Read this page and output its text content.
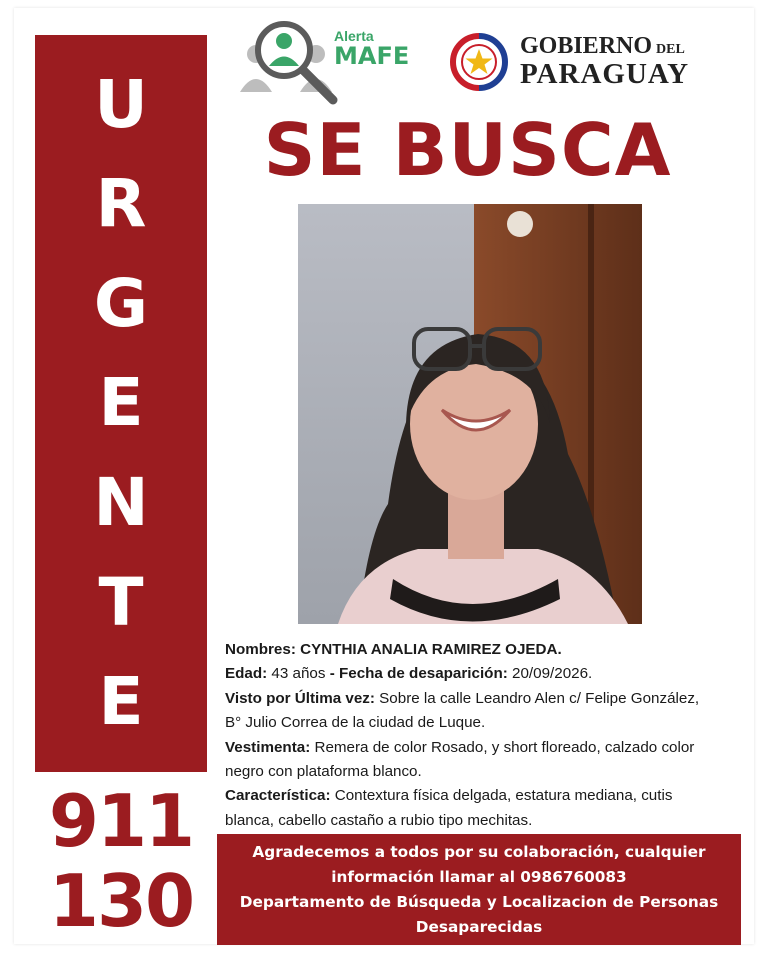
U
R
G
E
N
T
E
911
130
Alerta
MAFE	GOBIERNO DEL
PARAGUAY
SE BUSCA

Nombres: CYNTHIA ANALIA RAMIREZ OJEDA.

Edad: 43 años - Fecha de desaparición: 20/09/2026.

Visto por Última vez: Sobre la calle Leandro Alen c/ Felipe González,

B° Julio Correa de la ciudad de Luque.

Vestimenta: Remera de color Rosado, y short floreado, calzado color

negro con plataforma blanco.

Característica: Contextura física delgada, estatura mediana, cutis

blanca, cabello castaño a rubio tipo mechitas.

Agradecemos a todos por su colaboración, cualquier
información llamar al 0986760083
Departamento de Búsqueda y Localizacion de Personas
Desaparecidas
